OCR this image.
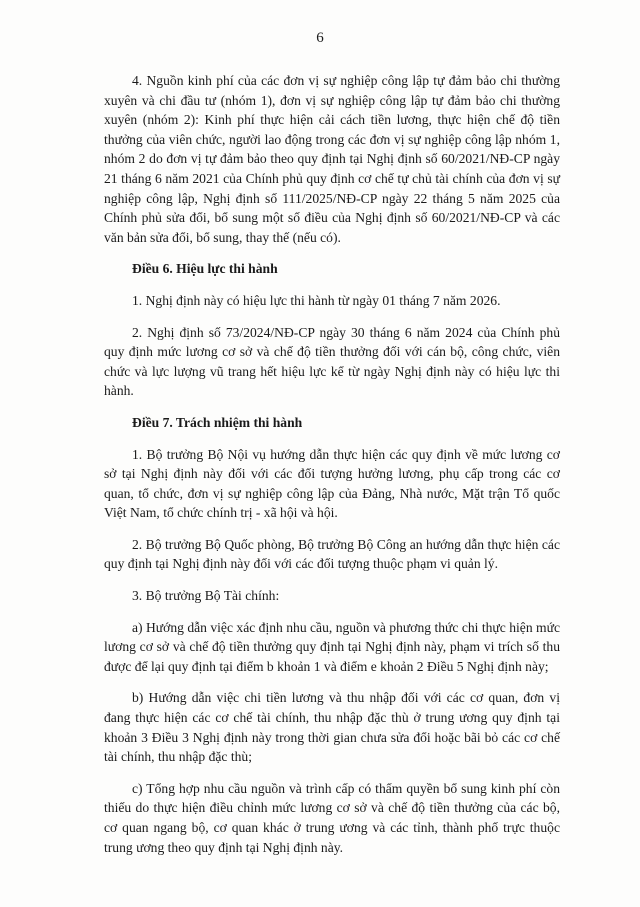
6

4. Nguồn kinh phí của các đơn vị sự nghiệp công lập tự đảm bảo chi thường xuyên và chi đầu tư (nhóm 1), đơn vị sự nghiệp công lập tự đảm bảo chi thường xuyên (nhóm 2): Kinh phí thực hiện cải cách tiền lương, thực hiện chế độ tiền thưởng của viên chức, người lao động trong các đơn vị sự nghiệp công lập nhóm 1, nhóm 2 do đơn vị tự đảm bảo theo quy định tại Nghị định số 60/2021/NĐ-CP ngày 21 tháng 6 năm 2021 của Chính phủ quy định cơ chế tự chủ tài chính của đơn vị sự nghiệp công lập, Nghị định số 111/2025/NĐ-CP ngày 22 tháng 5 năm 2025 của Chính phủ sửa đổi, bổ sung một số điều của Nghị định số 60/2021/NĐ-CP và các văn bản sửa đổi, bổ sung, thay thế (nếu có).

Điều 6. Hiệu lực thi hành

1. Nghị định này có hiệu lực thi hành từ ngày 01 tháng 7 năm 2026.

2. Nghị định số 73/2024/NĐ-CP ngày 30 tháng 6 năm 2024 của Chính phủ quy định mức lương cơ sở và chế độ tiền thưởng đối với cán bộ, công chức, viên chức và lực lượng vũ trang hết hiệu lực kể từ ngày Nghị định này có hiệu lực thi hành.

Điều 7. Trách nhiệm thi hành

1. Bộ trưởng Bộ Nội vụ hướng dẫn thực hiện các quy định về mức lương cơ sở tại Nghị định này đối với các đối tượng hưởng lương, phụ cấp trong các cơ quan, tổ chức, đơn vị sự nghiệp công lập của Đảng, Nhà nước, Mặt trận Tổ quốc Việt Nam, tổ chức chính trị - xã hội và hội.

2. Bộ trưởng Bộ Quốc phòng, Bộ trưởng Bộ Công an hướng dẫn thực hiện các quy định tại Nghị định này đối với các đối tượng thuộc phạm vi quản lý.

3. Bộ trưởng Bộ Tài chính:

a) Hướng dẫn việc xác định nhu cầu, nguồn và phương thức chi thực hiện mức lương cơ sở và chế độ tiền thưởng quy định tại Nghị định này, phạm vi trích số thu được để lại quy định tại điểm b khoản 1 và điểm e khoản 2 Điều 5 Nghị định này;

b) Hướng dẫn việc chi tiền lương và thu nhập đối với các cơ quan, đơn vị đang thực hiện các cơ chế tài chính, thu nhập đặc thù ở trung ương quy định tại khoản 3 Điều 3 Nghị định này trong thời gian chưa sửa đổi hoặc bãi bỏ các cơ chế tài chính, thu nhập đặc thù;

c) Tổng hợp nhu cầu nguồn và trình cấp có thẩm quyền bổ sung kinh phí còn thiếu do thực hiện điều chỉnh mức lương cơ sở và chế độ tiền thưởng của các bộ, cơ quan ngang bộ, cơ quan khác ở trung ương và các tỉnh, thành phố trực thuộc trung ương theo quy định tại Nghị định này.
